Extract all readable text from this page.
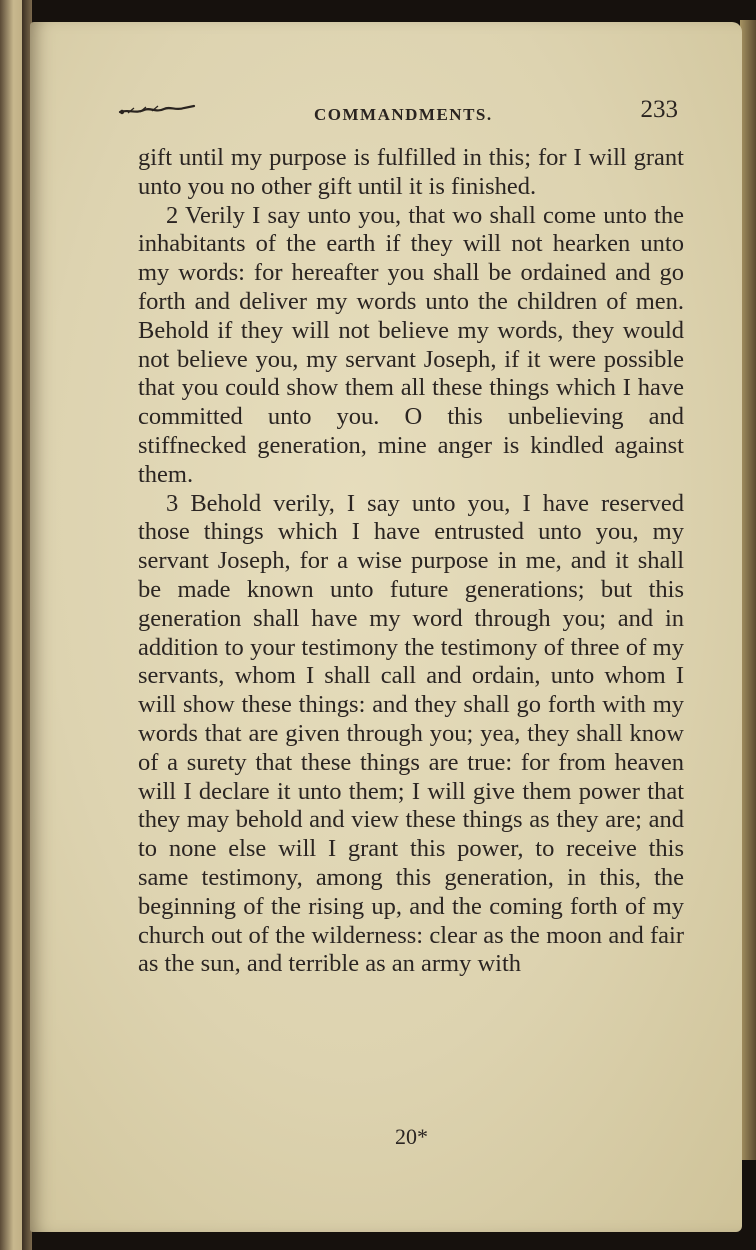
COMMANDMENTS.	233

gift until my purpose is fulfilled in this; for I will grant unto you no other gift until it is finished.

2 Verily I say unto you, that wo shall come unto the inhabitants of the earth if they will not hearken unto my words: for hereafter you shall be ordained and go forth and deliver my words unto the children of men. Behold if they will not believe my words, they would not believe you, my servant Joseph, if it were possible that you could show them all these things which I have committed unto you. O this unbelieving and stiffnecked generation, mine anger is kindled against them.

3 Behold verily, I say unto you, I have reserved those things which I have entrusted unto you, my servant Joseph, for a wise purpose in me, and it shall be made known unto future generations; but this generation shall have my word through you; and in addition to your testimony the testimony of three of my servants, whom I shall call and ordain, unto whom I will show these things: and they shall go forth with my words that are given through you; yea, they shall know of a surety that these things are true: for from heaven will I declare it unto them; I will give them power that they may behold and view these things as they are; and to none else will I grant this power, to receive this same testimony, among this generation, in this, the beginning of the rising up, and the coming forth of my church out of the wilderness: clear as the moon and fair as the sun, and terrible as an army with

20*
